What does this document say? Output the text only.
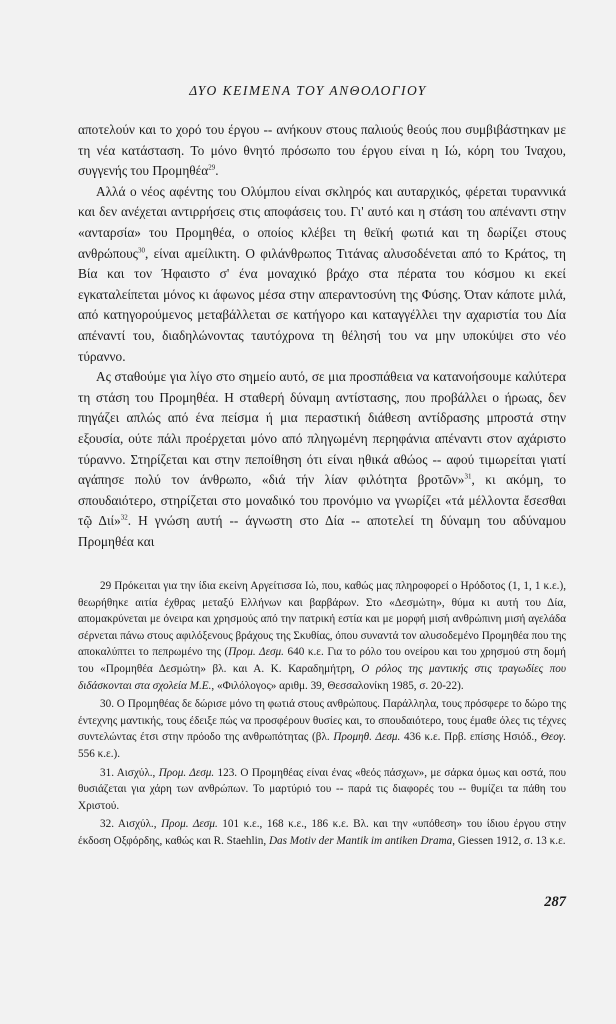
ΔΥΟ ΚΕΙΜΕΝΑ ΤΟΥ ΑΝΘΟΛΟΓΙΟΥ

αποτελούν και το χορό του έργου -- ανήκουν στους παλιούς θεούς που συμβιβάστηκαν με τη νέα κατάσταση. Το μόνο θνητό πρόσωπο του έργου είναι η Ιώ, κόρη του Ίναχου, συγγενής του Προμηθέα$^{29}$.

Αλλά ο νέος αφέντης του Ολύμπου είναι σκληρός και αυταρχικός, φέρεται τυραννικά και δεν ανέχεται αντιρρήσεις στις αποφάσεις του. Γι' αυτό και η στάση του απέναντι στην «ανταρσία» του Προμηθέα, ο οποίος κλέβει τη θεϊκή φωτιά και τη δωρίζει στους ανθρώπους$^{30}$, είναι αμείλικτη. Ο φιλάνθρωπος Τιτάνας αλυσοδένεται από το Κράτος, τη Βία και τον Ήφαιστο σ' ένα μοναχικό βράχο στα πέρατα του κόσμου κι εκεί εγκαταλείπεται μόνος κι άφωνος μέσα στην απεραντοσύνη της Φύσης. Όταν κάποτε μιλά, από κατηγορούμενος μεταβάλλεται σε κατήγορο και καταγγέλλει την αχαριστία του Δία απέναντί του, διαδηλώνοντας ταυτόχρονα τη θέλησή του να μην υποκύψει στο νέο τύραννο.

Ας σταθούμε για λίγο στο σημείο αυτό, σε μια προσπάθεια να κατανοήσουμε καλύτερα τη στάση του Προμηθέα. Η σταθερή δύναμη αντίστασης, που προβάλλει ο ήρωας, δεν πηγάζει απλώς από ένα πείσμα ή μια περαστική διάθεση αντίδρασης μπροστά στην εξουσία, ούτε πάλι προέρχεται μόνο από πληγωμένη περηφάνια απέναντι στον αχάριστο τύραννο. Στηρίζεται και στην πεποίθηση ότι είναι ηθικά αθώος -- αφού τιμωρείται γιατί αγάπησε πολύ τον άνθρωπο, «διά τήν λίαν φιλότητα βροτῶν»$^{31}$, κι ακόμη, το σπουδαιότερο, στηρίζεται στο μοναδικό του προνόμιο να γνωρίζει «τά μέλλοντα ἔσεσθαι τῷ Διί»$^{32}$. Η γνώση αυτή -- άγνωστη στο Δία -- αποτελεί τη δύναμη του αδύναμου Προμηθέα και

29 Πρόκειται για την ίδια εκείνη Αργείτισσα Ιώ, που, καθώς μας πληροφορεί ο Ηρόδοτος (1, 1, 1 κ.ε.), θεωρήθηκε αιτία έχθρας μεταξύ Ελλήνων και βαρβάρων. Στο «Δεσμώτη», θύμα κι αυτή του Δία, απομακρύνεται με όνειρα και χρησμούς από την πατρική εστία και με μορφή μισή ανθρώπινη μισή αγελάδα σέρνεται πάνω στους αφιλόξενους βράχους της Σκυθίας, όπου συναντά τον αλυσοδεμένο Προμηθέα που της αποκαλύπτει το πεπρωμένο της (Προμ. Δεσμ. 640 κ.ε. Για το ρόλο του ονείρου και του χρησμού στη δομή του «Προμηθέα Δεσμώτη» βλ. και Α. Κ. Καραδημήτρη, Ο ρόλος της μαντικής στις τραγωδίες που διδάσκονται στα σχολεία Μ.Ε., «Φιλόλογος» αριθμ. 39, Θεσσαλονίκη 1985, σ. 20-22).

30. Ο Προμηθέας δε δώρισε μόνο τη φωτιά στους ανθρώπους. Παράλληλα, τους πρόσφερε το δώρο της έντεχνης μαντικής, τους έδειξε πώς να προσφέρουν θυσίες και, το σπουδαιότερο, τους έμαθε όλες τις τέχνες συντελώντας έτσι στην πρόοδο της ανθρωπότητας (βλ. Προμηθ. Δεσμ. 436 κ.ε. Πρβ. επίσης Ησιόδ., Θεογ. 556 κ.ε.).

31. Αισχύλ., Προμ. Δεσμ. 123. Ο Προμηθέας είναι ένας «θεός πάσχων», με σάρκα όμως και οστά, που θυσιάζεται για χάρη των ανθρώπων. Το μαρτύριό του -- παρά τις διαφορές του -- θυμίζει τα πάθη του Χριστού.

32. Αισχύλ., Προμ. Δεσμ. 101 κ.ε., 168 κ.ε., 186 κ.ε. Βλ. και την «υπόθεση» του ίδιου έργου στην έκδοση Οξφόρδης, καθώς και R. Staehlin, Das Motiv der Mantik im antiken Drama, Giessen 1912, σ. 13 κ.ε.

287
